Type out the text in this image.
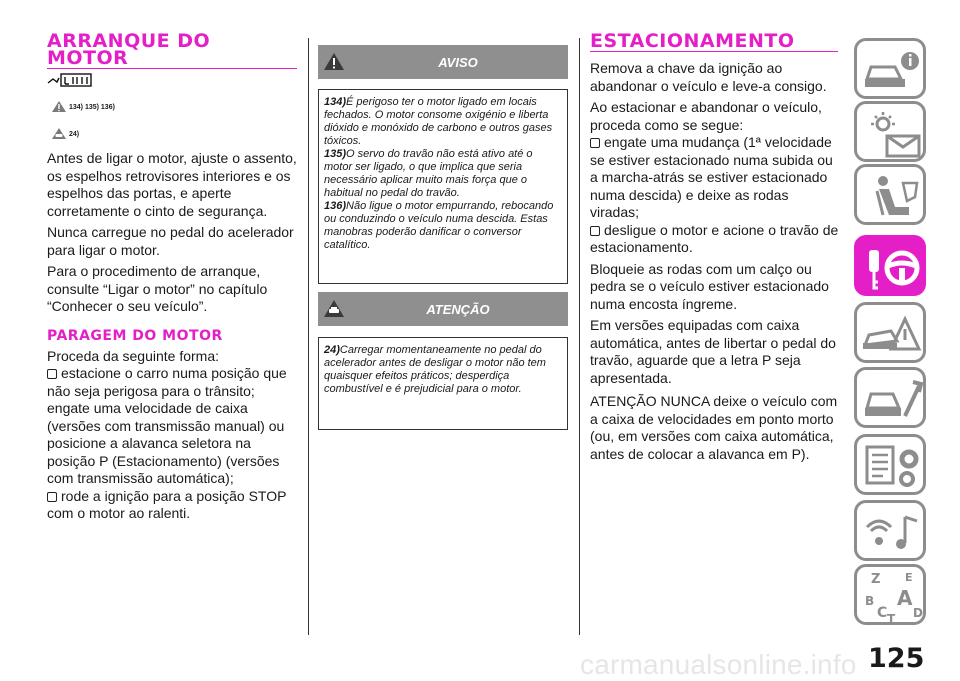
ARRANQUE DO
MOTOR
134) 135) 136)
24)

Antes de ligar o motor, ajuste o assento, os espelhos retrovisores interiores e os espelhos das portas, e aperte corretamente o cinto de segurança.

Nunca carregue no pedal do acelerador para ligar o motor.

Para o procedimento de arranque, consulte “Ligar o motor” no capítulo “Conhecer o seu veículo”.

PARAGEM DO MOTOR

Proceda da seguinte forma:

estacione o carro numa posição que não seja perigosa para o trânsito; engate uma velocidade de caixa (versões com transmissão manual) ou posicione a alavanca seletora na posição P (Estacionamento) (versões com transmissão automática);

rode a ignição para a posição STOP com o motor ao ralenti.

AVISO
134)É perigoso ter o motor ligado em locais fechados. O motor consome oxigénio e liberta dióxido e monóxido de carbono e outros gases tóxicos.
135)O servo do travão não está ativo até o motor ser ligado, o que implica que seria necessário aplicar muito mais força que o habitual no pedal do travão.
136)Não ligue o motor empurrando, rebocando ou conduzindo o veículo numa descida. Estas manobras poderão danificar o conversor catalítico.
ATENÇÃO
24)Carregar momentaneamente no pedal do acelerador antes de desligar o motor não tem quaisquer efeitos práticos; desperdiça combustível e é prejudicial para o motor.
ESTACIONAMENTO

Remova a chave da ignição ao abandonar o veículo e leve-a consigo.

Ao estacionar e abandonar o veículo, proceda como se segue:

engate uma mudança (1ª velocidade se estiver estacionado numa subida ou a marcha-atrás se estiver estacionado numa descida) e deixe as rodas viradas;

desligue o motor e acione o travão de estacionamento.

Bloqueie as rodas com um calço ou pedra se o veículo estiver estacionado numa encosta íngreme.

Em versões equipadas com caixa automática, antes de libertar o pedal do travão, aguarde que a letra P seja apresentada.

ATENÇÃO NUNCA deixe o veículo com a caixa de velocidades em ponto morto (ou, em versões com caixa automática, antes de colocar a alavanca em P).

Z E
B A
C T D
carmanualsonline.info 125
